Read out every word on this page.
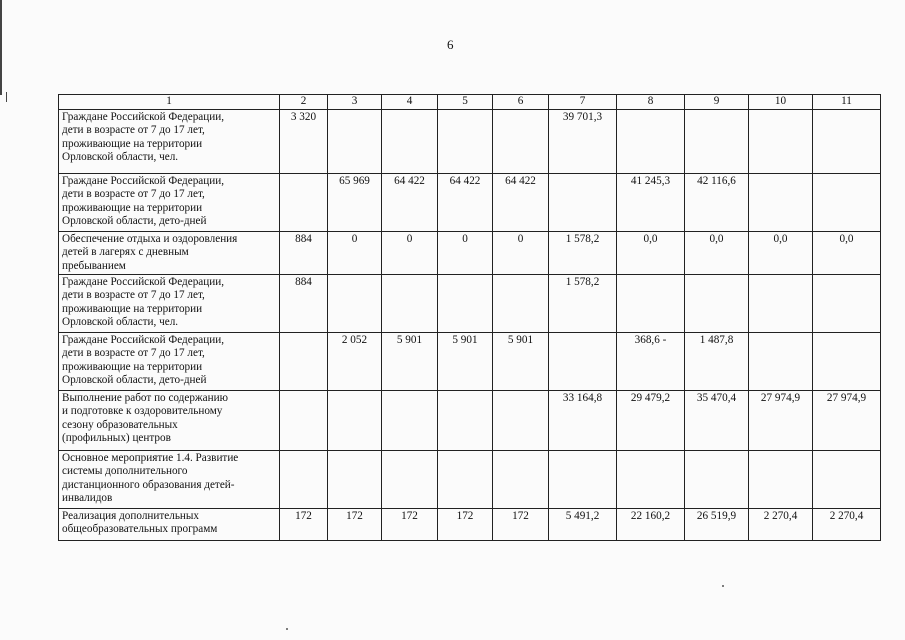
6
1	2	3	4	5	6	7	8	9	10	11

Граждане Российской Федерации,
дети в возрасте от 7 до 17 лет,
проживающие на территории
Орловской области, чел.	3 320					39 701,3				

Граждане Российской Федерации,
дети в возрасте от 7 до 17 лет,
проживающие на территории
Орловской области, дето-дней		65 969	64 422	64 422	64 422		41 245,3	42 116,6		

Обеспечение отдыха и оздоровления
детей в лагерях с дневным
пребыванием	884	0	0	0	0	1 578,2	0,0	0,0	0,0	0,0

Граждане Российской Федерации,
дети в возрасте от 7 до 17 лет,
проживающие на территории
Орловской области, чел.	884					1 578,2				

Граждане Российской Федерации,
дети в возрасте от 7 до 17 лет,
проживающие на территории
Орловской области, дето-дней		2 052	5 901	5 901	5 901		368,6 -	1 487,8		

Выполнение работ по содержанию
и подготовке к оздоровительному
сезону образовательных
(профильных) центров						33 164,8	29 479,2	35 470,4	27 974,9	27 974,9

Основное мероприятие 1.4. Развитие
системы дополнительного
дистанционного образования детей-
инвалидов										

Реализация дополнительных
общеобразовательных программ	172	172	172	172	172	5 491,2	22 160,2	26 519,9	2 270,4	2 270,4
